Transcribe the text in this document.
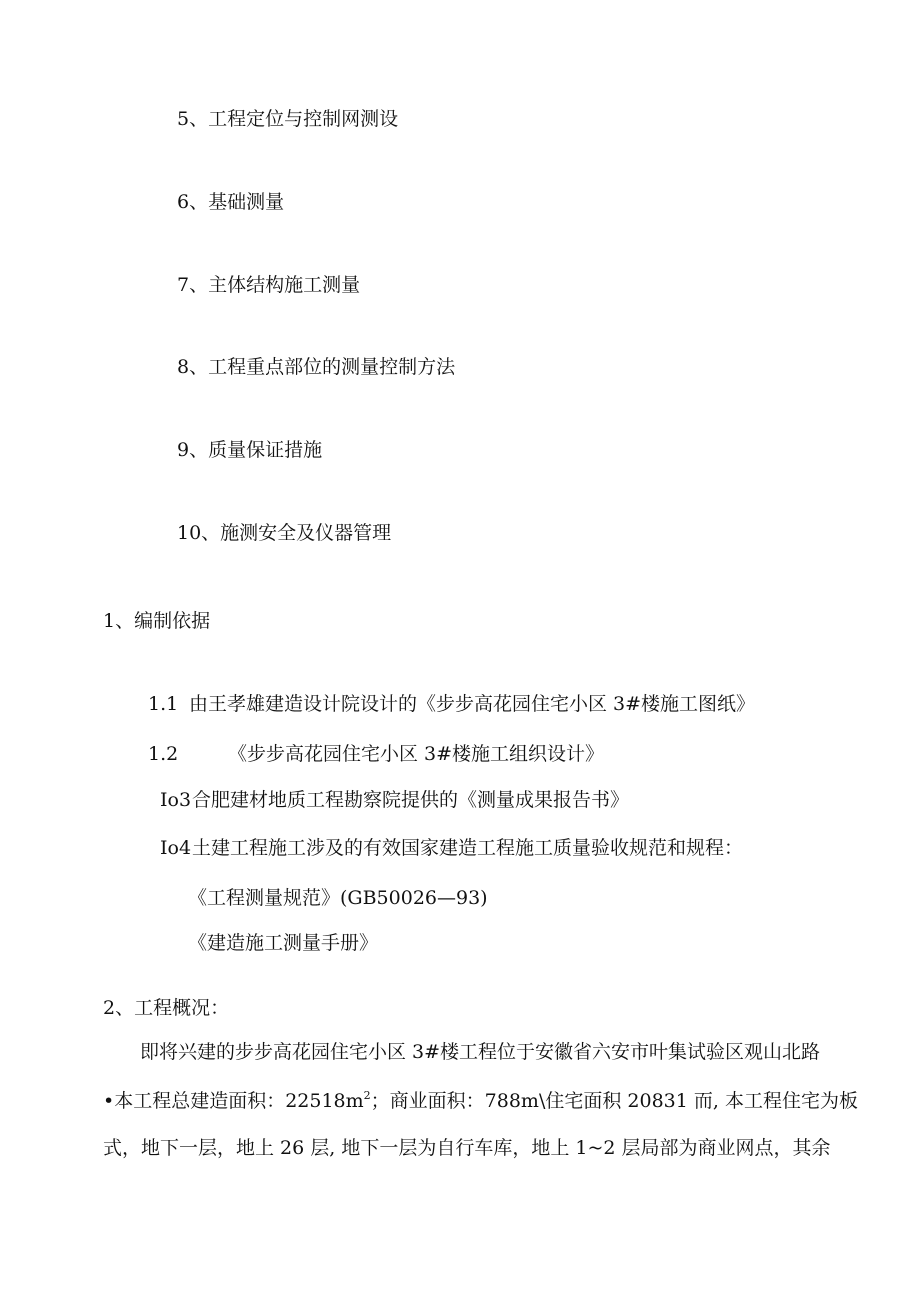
5、工程定位与控制网测设
6、基础测量
7、主体结构施工测量
8、工程重点部位的测量控制方法
9、质量保证措施
10、施测安全及仪器管理
1、编制依据
1.1 由王孝雄建造设计院设计的《步步高花园住宅小区 3#楼施工图纸》
1.2	《步步高花园住宅小区 3#楼施工组织设计》
Io3合肥建材地质工程勘察院提供的《测量成果报告书》
Io4土建工程施工涉及的有效国家建造工程施工质量验收规范和规程：
《工程测量规范》(GB50026—93)
《建造施工测量手册》
2、工程概况：
即将兴建的步步高花园住宅小区 3#楼工程位于安徽省六安市叶集试验区观山北路
•本工程总建造面积：$22518m^2$；商业面积：788m\住宅面积 20831 而, 本工程住宅为板
式，地下一层，地上 26 层, 地下一层为自行车库，地上 1~2 层局部为商业网点，其余
